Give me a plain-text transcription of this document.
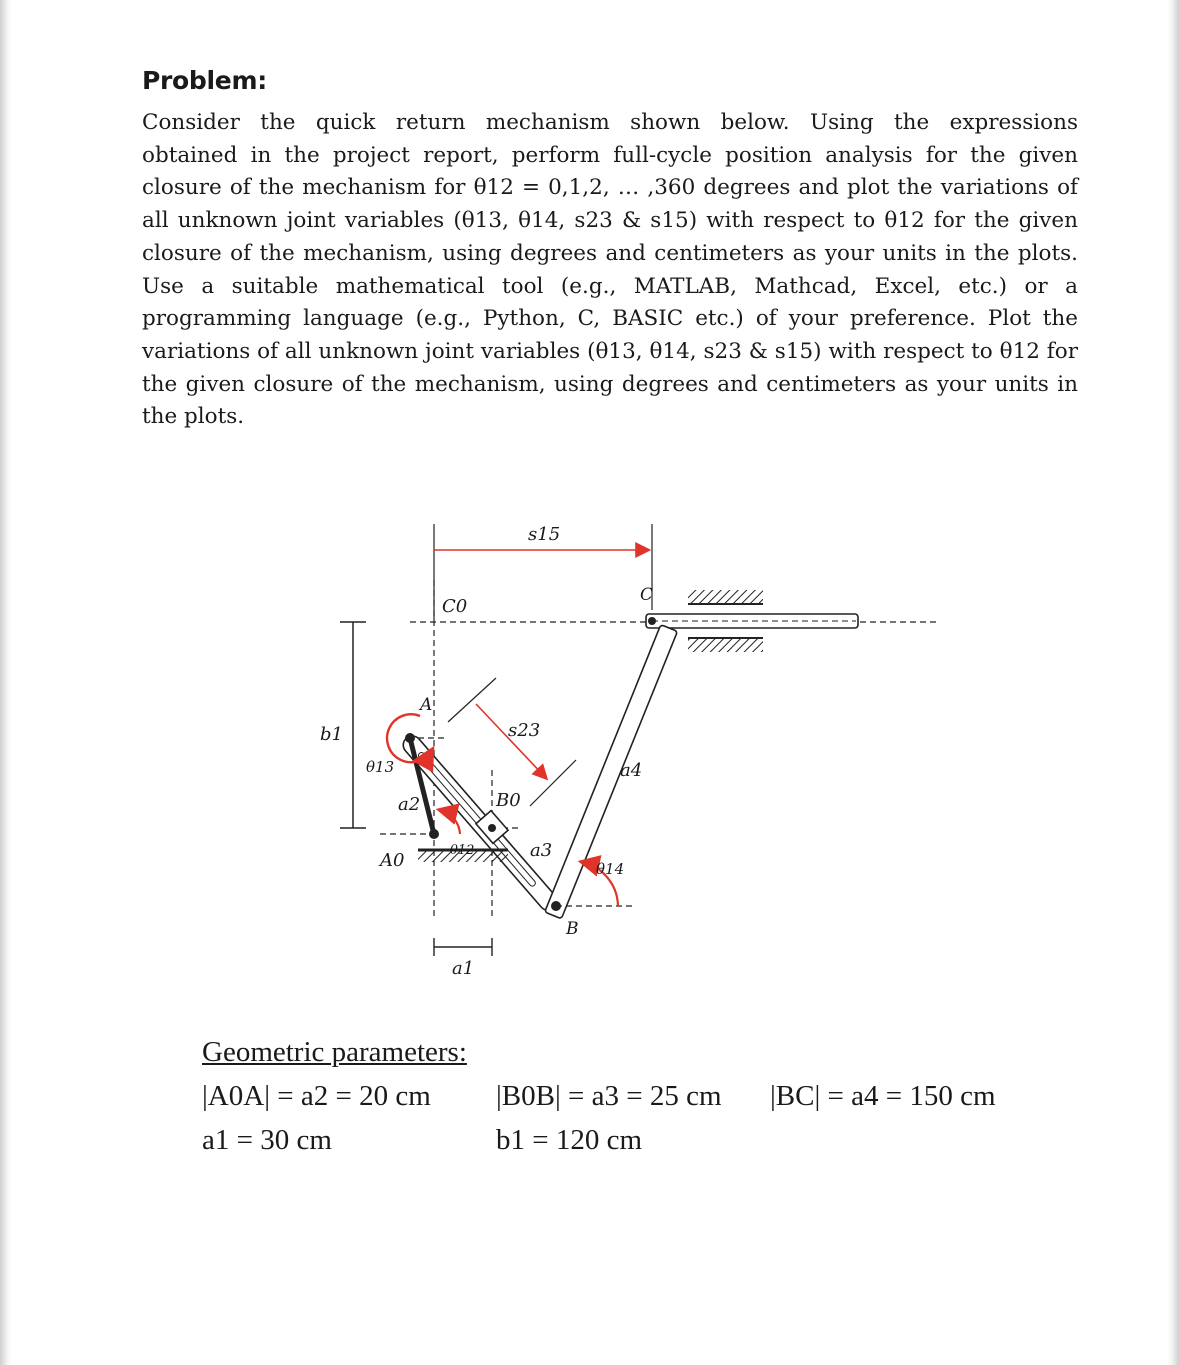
Problem:
Consider the quick return mechanism shown below. Using the expressions
obtained in the project report, perform full-cycle position analysis for the given
closure of the mechanism for θ12 = 0,1,2, … ,360 degrees and plot the variations of
all unknown joint variables (θ13, θ14, s23 & s15) with respect to θ12 for the given
closure of the mechanism, using degrees and centimeters as your units in the plots.
Use a suitable mathematical tool (e.g., MATLAB, Mathcad, Excel, etc.) or a
programming language (e.g., Python, C, BASIC etc.) of your preference. Plot the
variations of all unknown joint variables (θ13, θ14, s23 & s15) with respect to θ12 for
the given closure of the mechanism, using degrees and centimeters as your units in
the plots.
s15
C0
C
b1	s23
θ13
θ12
θ14
A
a4
B0
a2
a3
A0
B
a1
Geometric parameters:
|A0A| = a2 = 20 cm |B0B| = a3 = 25 cm |BC| = a4 = 150 cm
a1 = 30 cm	b1 = 120 cm
